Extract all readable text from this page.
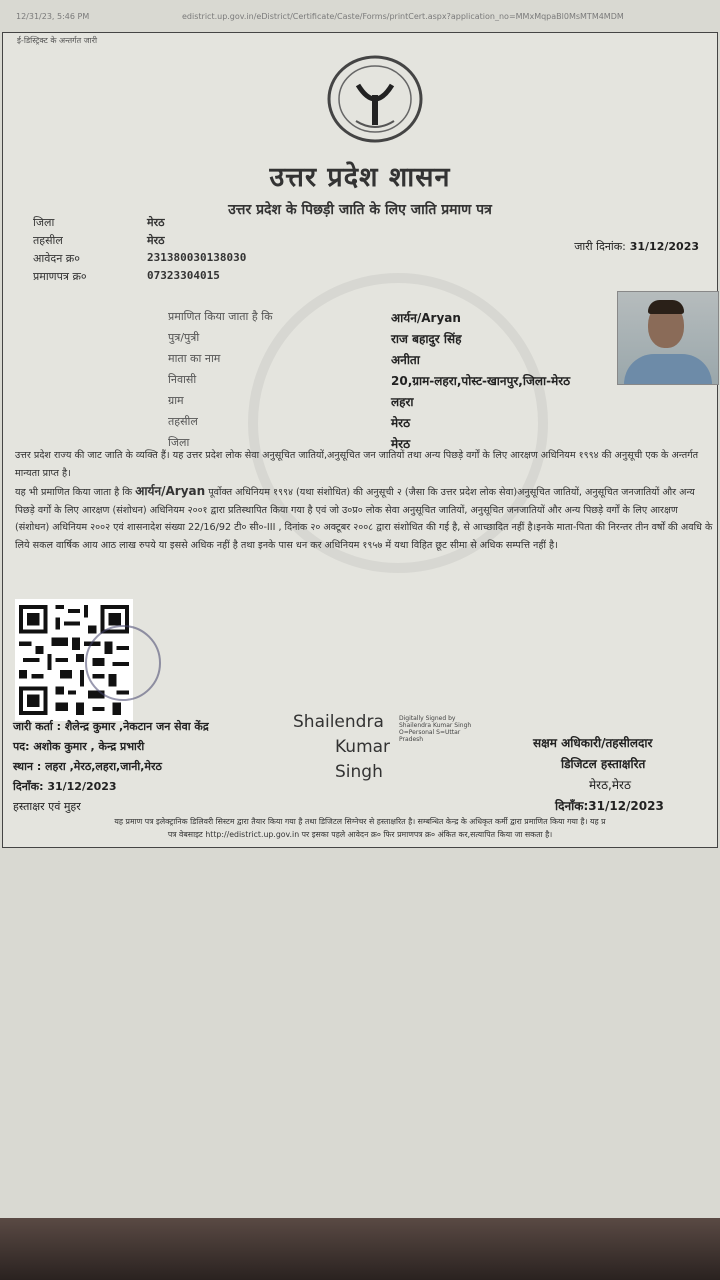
12/31/23, 5:46 PM	edistrict.up.gov.in/eDistrict/Certificate/Caste/Forms/printCert.aspx?application_no=MMxMqpaBl0MsMTM4MDM
ई-डिस्ट्रिक्ट के अन्तर्गत जारी
उत्तर प्रदेश शासन
उत्तर प्रदेश के पिछड़ी जाति के लिए जाति प्रमाण पत्र
जिला	मेरठ
तहसील	मेरठ
आवेदन क्र०	231380030138030
प्रमाणपत्र क्र०	07323304015
जारी दिनांक: 31/12/2023
प्रमाणित किया जाता है कि	आर्यन/Aryan
पुत्र/पुत्री	राज बहादुर सिंह
माता का नाम	अनीता
निवासी	20,ग्राम-लहरा,पोस्ट-खानपुर,जिला-मेरठ
ग्राम	लहरा
तहसील	मेरठ
जिला	मेरठ
उत्तर प्रदेश राज्य की जाट जाति के व्यक्ति हैं। यह उत्तर प्रदेश लोक सेवा अनुसूचित जातियों,अनुसूचित जन जातियों तथा अन्य पिछड़े वर्गों के लिए आरक्षण अधिनियम १९९४ की अनुसूची एक के अन्तर्गत मान्यता प्राप्त है।
यह भी प्रमाणित किया जाता है कि आर्यन/Aryan पूर्वोक्त अधिनियम १९९४ (यथा संशोधित) की अनुसूची २ (जैसा कि उत्तर प्रदेश लोक सेवा)अनुसूचित जातियों, अनुसूचित जनजातियों और अन्य पिछड़े वर्गों के लिए आरक्षण (संशोधन) अधिनियम २००१ द्वारा प्रतिस्थापित किया गया है एवं जो उ०प्र० लोक सेवा अनुसूचित जातियों, अनुसूचित जनजातियों और अन्य पिछड़े वर्गों के लिए आरक्षण (संशोधन) अधिनियम २००२ एवं शासनादेश संख्या 22/16/92 टी० सी०-III , दिनांक २० अक्टूबर २००८ द्वारा संशोधित की गई है, से आच्छादित नहीं है।इनके माता-पिता की निरन्तर तीन वर्षों की अवधि के लिये सकल वार्षिक आय आठ लाख रुपये या इससे अधिक नहीं है तथा इनके पास धन कर अधिनियम १९५७ में यथा विहित छूट सीमा से अधिक सम्पत्ति नहीं है।
जारी कर्ता : शैलेन्द्र कुमार ,नेकटान जन सेवा केंद्र
पद: अशोक कुमार , केन्द्र प्रभारी
स्थान : लहरा ,मेरठ,लहरा,जानी,मेरठ
दिनाँक: 31/12/2023
हस्ताक्षर एवं मुहर
Shailendra
Kumar
Singh
Digitally Signed by Shailendra Kumar Singh O=Personal S=Uttar Pradesh	सक्षम अधिकारी/तहसीलदार
डिजिटल हस्ताक्षरित
मेरठ,मेरठ
दिनाँक:31/12/2023
यह प्रमाण पत्र इलेक्ट्रानिक डिलिवरी सिस्टम द्वारा तैयार किया गया है तथा डिजिटल सिग्नेचर से हस्ताक्षरित है। सम्बन्धित केन्द्र के अधिकृत कर्मी द्वारा प्रमाणित किया गया है। यह प्र
पत्र वेबसाइट http://edistrict.up.gov.in पर इसका पहले आवेदन क्र० फिर प्रमाणपत्र क्र० अंकित कर,सत्यापित किया जा सकता है।
